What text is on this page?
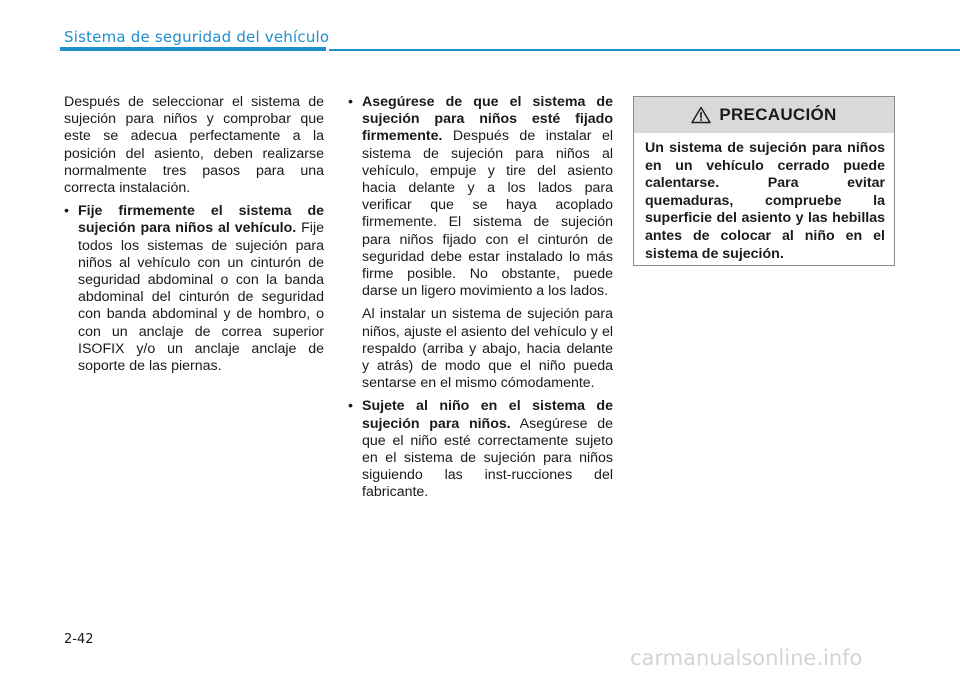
Sistema de seguridad del vehículo

Después de seleccionar el sistema de sujeción para niños y comprobar que este se adecua perfectamente a la posición del asiento, deben realizarse normalmente tres pasos para una correcta instalación.

• Fije firmemente el sistema de sujeción para niños al vehículo. Fije todos los sistemas de sujeción para niños al vehículo con un cinturón de seguridad abdominal o con la banda abdominal del cinturón de seguridad con banda abdominal y de hombro, o con un anclaje de correa superior ISOFIX y/o un anclaje anclaje de soporte de las piernas.
• Asegúrese de que el sistema de sujeción para niños esté fijado firmemente. Después de instalar el sistema de sujeción para niños al vehículo, empuje y tire del asiento hacia delante y a los lados para verificar que se haya acoplado firmemente. El sistema de sujeción para niños fijado con el cinturón de seguridad debe estar instalado lo más firme posible. No obstante, puede darse un ligero movimiento a los lados.

Al instalar un sistema de sujeción para niños, ajuste el asiento del vehículo y el respaldo (arriba y abajo, hacia delante y atrás) de modo que el niño pueda sentarse en el mismo cómodamente.

• Sujete al niño en el sistema de sujeción para niños. Asegúrese de que el niño esté correctamente sujeto en el sistema de sujeción para niños siguiendo las inst-rucciones del fabricante.
PRECAUCIÓN
Un sistema de sujeción para niños en un vehículo cerrado puede calentarse. Para evitar quemaduras, compruebe la superficie del asiento y las hebillas antes de colocar al niño en el sistema de sujeción.
2-42
carmanualsonline.info
